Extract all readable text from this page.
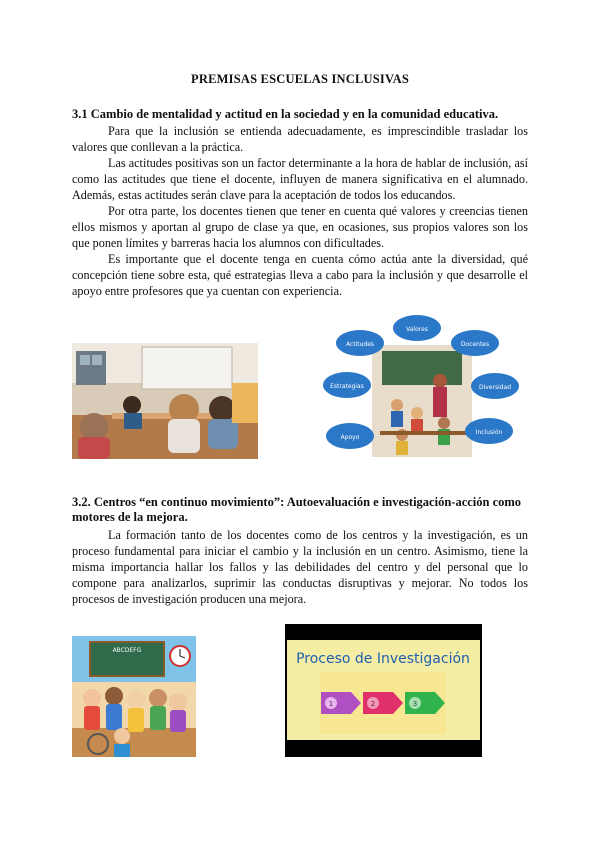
PREMISAS ESCUELAS INCLUSIVAS
3.1 Cambio de mentalidad y actitud en la sociedad y en la comunidad educativa.
Para que la inclusión se entienda adecuadamente, es imprescindible trasladar los valores que conllevan a la práctica.
Las actitudes positivas son un factor determinante a la hora de hablar de inclusión, así como las actitudes que tiene el docente, influyen de manera significativa en el alumnado. Además, estas actitudes serán clave para la aceptación de todos los educandos.
Por otra parte, los docentes tienen que tener en cuenta qué valores y creencias tienen ellos mismos y aportan al grupo de clase ya que, en ocasiones, sus propios valores son los que ponen límites y barreras hacia los alumnos con dificultades.
Es importante que el docente tenga en cuenta cómo actúa ante la diversidad, qué concepción tiene sobre esta, qué estrategias lleva a cabo para la inclusión y que desarrolle el apoyo entre profesores que ya cuentan con experiencia.
Valores
Actitudes	Docentes
Diversidad
Inclusión
Apoyo
Estrategias
3.2. Centros “en continuo movimiento”: Autoevaluación e investigación-acción como motores de la mejora.
La formación tanto de los docentes como de los centros y la investigación, es un proceso fundamental para iniciar el cambio y la inclusión en un centro. Asimismo, tiene la misma importancia hallar los fallos y las debilidades del centro y del personal que lo compone para analizarlos, suprimir las conductas disruptivas y mejorar. No todos los procesos de investigación producen una mejora.
ABCDEFG
Proceso de Investigación
1	2	3
